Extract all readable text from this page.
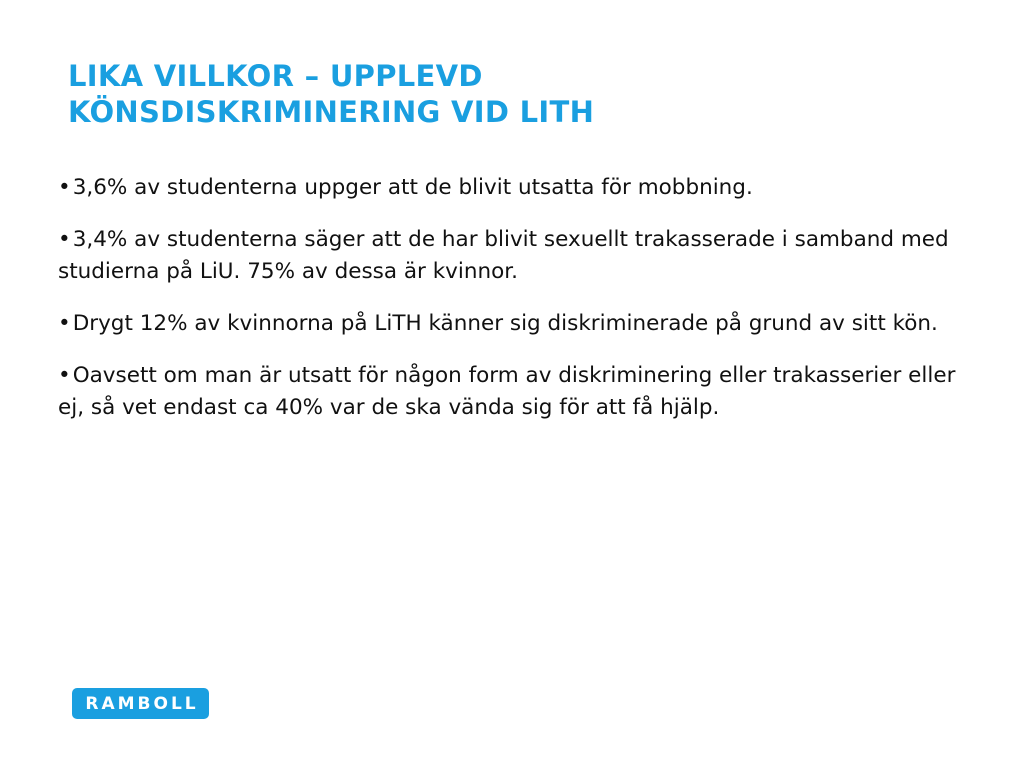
LIKA VILLKOR – UPPLEVD
KÖNSDISKRIMINERING VID LITH
•3,6% av studenterna uppger att de blivit utsatta för mobbning.
•3,4% av studenterna säger att de har blivit sexuellt trakasserade i samband med studierna på LiU. 75% av dessa är kvinnor.
•Drygt 12% av kvinnorna på LiTH känner sig diskriminerade på grund av sitt kön.
•Oavsett om man är utsatt för någon form av diskriminering eller trakasserier eller ej, så vet endast ca 40% var de ska vända sig för att få hjälp.
RAMBOLL
